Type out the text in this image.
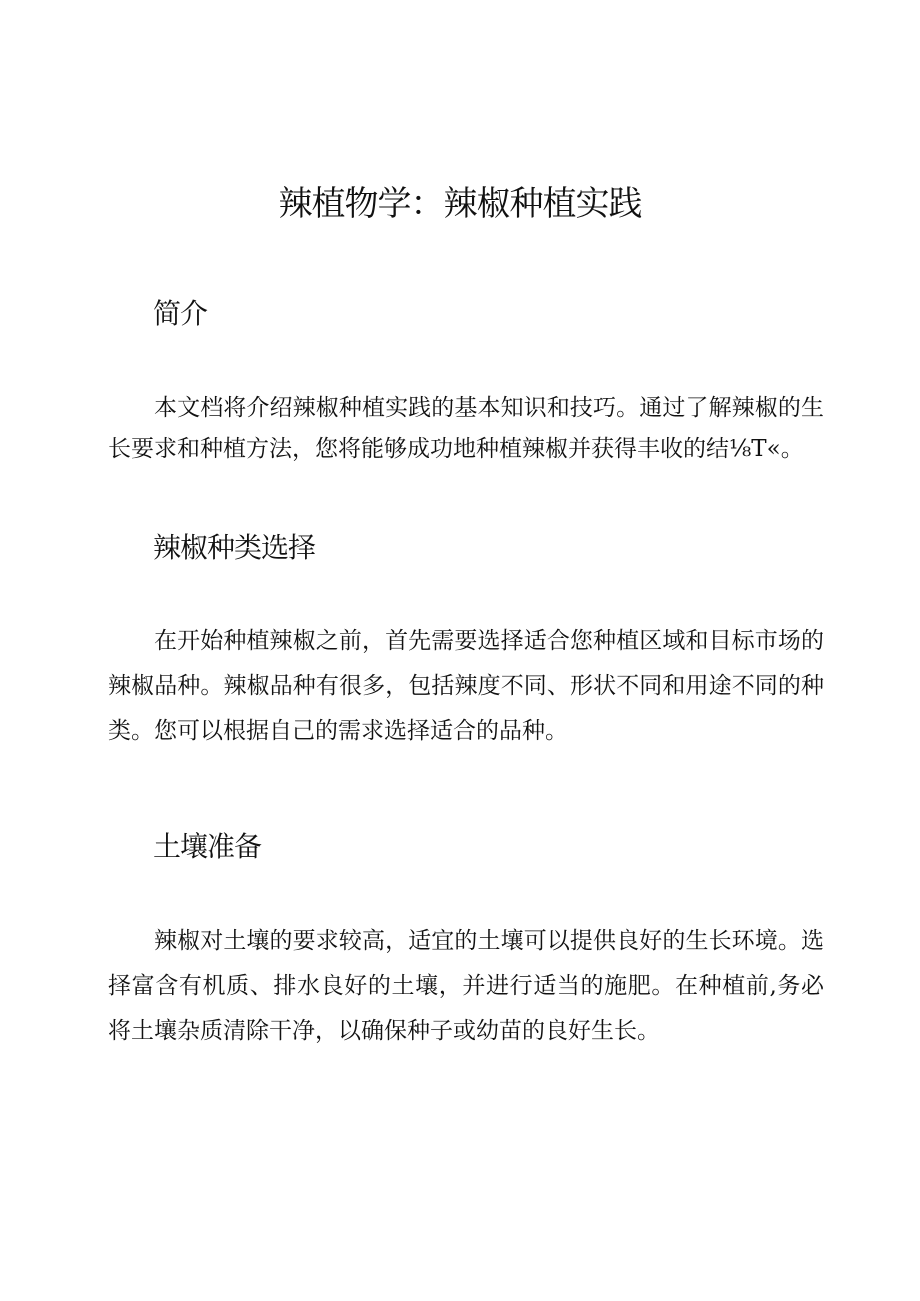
辣植物学：辣椒种植实践
简介

本文档将介绍辣椒种植实践的基本知识和技巧。通过了解辣椒的生长要求和种植方法，您将能够成功地种植辣椒并获得丰收的结⅛T«。

辣椒种类选择

在开始种植辣椒之前，首先需要选择适合您种植区域和目标市场的辣椒品种。辣椒品种有很多，包括辣度不同、形状不同和用途不同的种类。您可以根据自己的需求选择适合的品种。

土壤准备

辣椒对土壤的要求较高，适宜的土壤可以提供良好的生长环境。选择富含有机质、排水良好的土壤，并进行适当的施肥。在种植前,务必将土壤杂质清除干净，以确保种子或幼苗的良好生长。
